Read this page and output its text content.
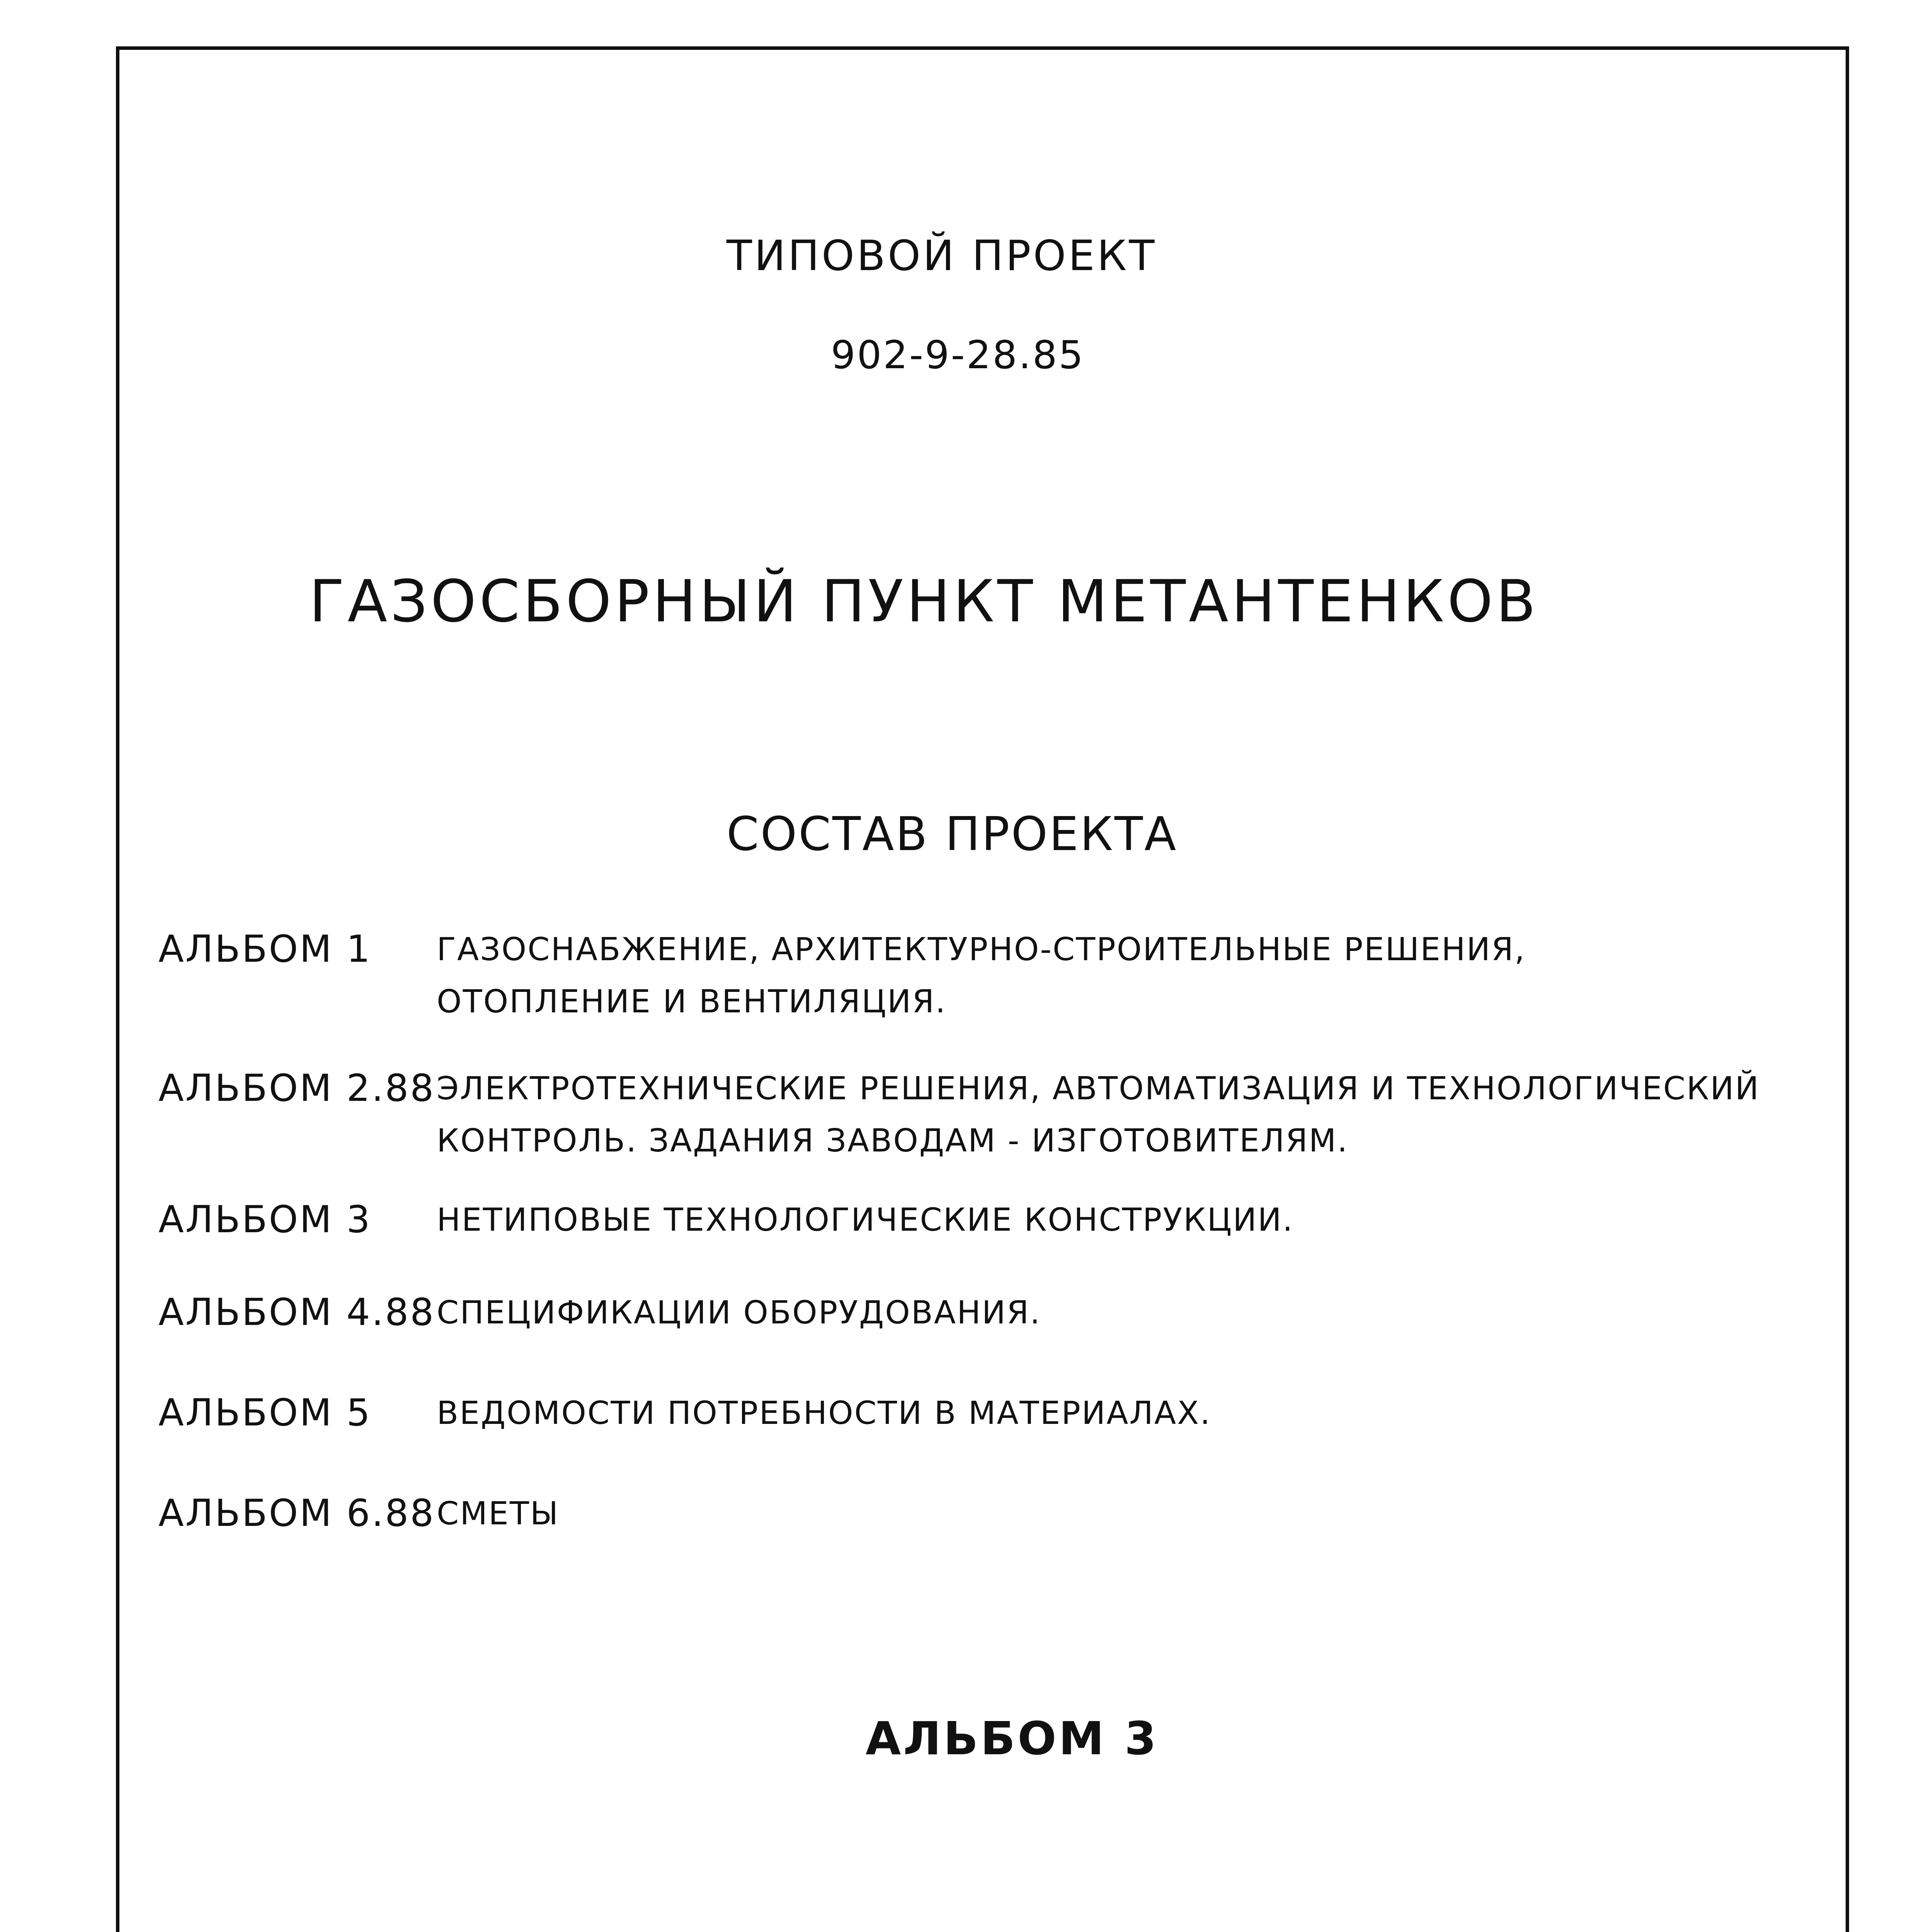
ТИПОВОЙ ПРОЕКТ
902-9-28.85
ГАЗОСБОРНЫЙ ПУНКТ МЕТАНТЕНКОВ
СОСТАВ ПРОЕКТА
АЛЬБОМ 1 ГАЗОСНАБЖЕНИЕ, АРХИТЕКТУРНО-СТРОИТЕЛЬНЫЕ РЕШЕНИЯ,
ОТОПЛЕНИЕ И ВЕНТИЛЯЦИЯ.
АЛЬБОМ 2.88 ЭЛЕКТРОТЕХНИЧЕСКИЕ РЕШЕНИЯ, АВТОМАТИЗАЦИЯ И ТЕХНОЛОГИЧЕСКИЙ
КОНТРОЛЬ. ЗАДАНИЯ ЗАВОДАМ - ИЗГОТОВИТЕЛЯМ.
АЛЬБОМ 3 НЕТИПОВЫЕ ТЕХНОЛОГИЧЕСКИЕ КОНСТРУКЦИИ.
АЛЬБОМ 4.88 СПЕЦИФИКАЦИИ ОБОРУДОВАНИЯ.
АЛЬБОМ 5 ВЕДОМОСТИ ПОТРЕБНОСТИ В МАТЕРИАЛАХ.
АЛЬБОМ 6.88 СМЕТЫ
АЛЬБОМ 3
